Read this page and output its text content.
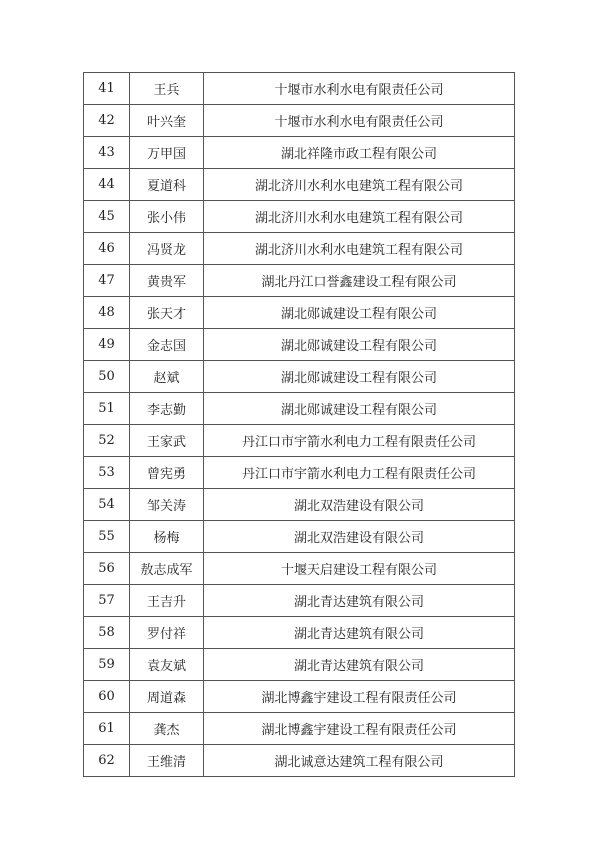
41	王兵	十堰市水利水电有限责任公司
42	叶兴奎	十堰市水利水电有限责任公司
43	万甲国	湖北祥隆市政工程有限公司
44	夏道科	湖北济川水利水电建筑工程有限公司
45	张小伟	湖北济川水利水电建筑工程有限公司
46	冯贤龙	湖北济川水利水电建筑工程有限公司
47	黄贵军	湖北丹江口誉鑫建设工程有限公司
48	张天才	湖北郧诚建设工程有限公司
49	金志国	湖北郧诚建设工程有限公司
50	赵斌	湖北郧诚建设工程有限公司
51	李志勤	湖北郧诚建设工程有限公司
52	王家武	丹江口市宇箭水利电力工程有限责任公司
53	曾宪勇	丹江口市宇箭水利电力工程有限责任公司
54	邹关涛	湖北双浩建设有限公司
55	杨梅	湖北双浩建设有限公司
56	敖志成军	十堰天启建设工程有限公司
57	王吉升	湖北青达建筑有限公司
58	罗付祥	湖北青达建筑有限公司
59	袁友斌	湖北青达建筑有限公司
60	周道森	湖北博鑫宇建设工程有限责任公司
61	龚杰	湖北博鑫宇建设工程有限责任公司
62	王维清	湖北诚意达建筑工程有限公司
